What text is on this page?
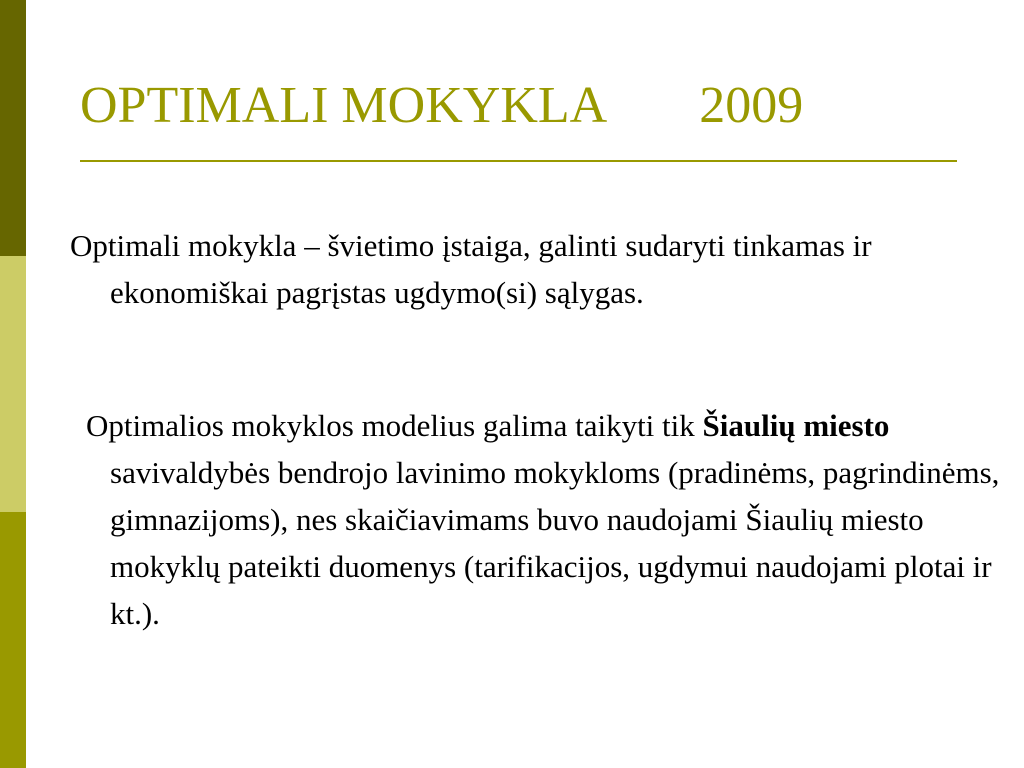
OPTIMALI MOKYKLA 2009

Optimali mokykla – švietimo įstaiga, galinti sudaryti tinkamas ir ekonomiškai pagrįstas ugdymo(si) sąlygas.

Optimalios mokyklos modelius galima taikyti tik Šiaulių miesto savivaldybės bendrojo lavinimo mokykloms (pradinėms, pagrindinėms, gimnazijoms), nes skaičiavimams buvo naudojami Šiaulių miesto mokyklų pateikti duomenys (tarifikacijos, ugdymui naudojami plotai ir kt.).
